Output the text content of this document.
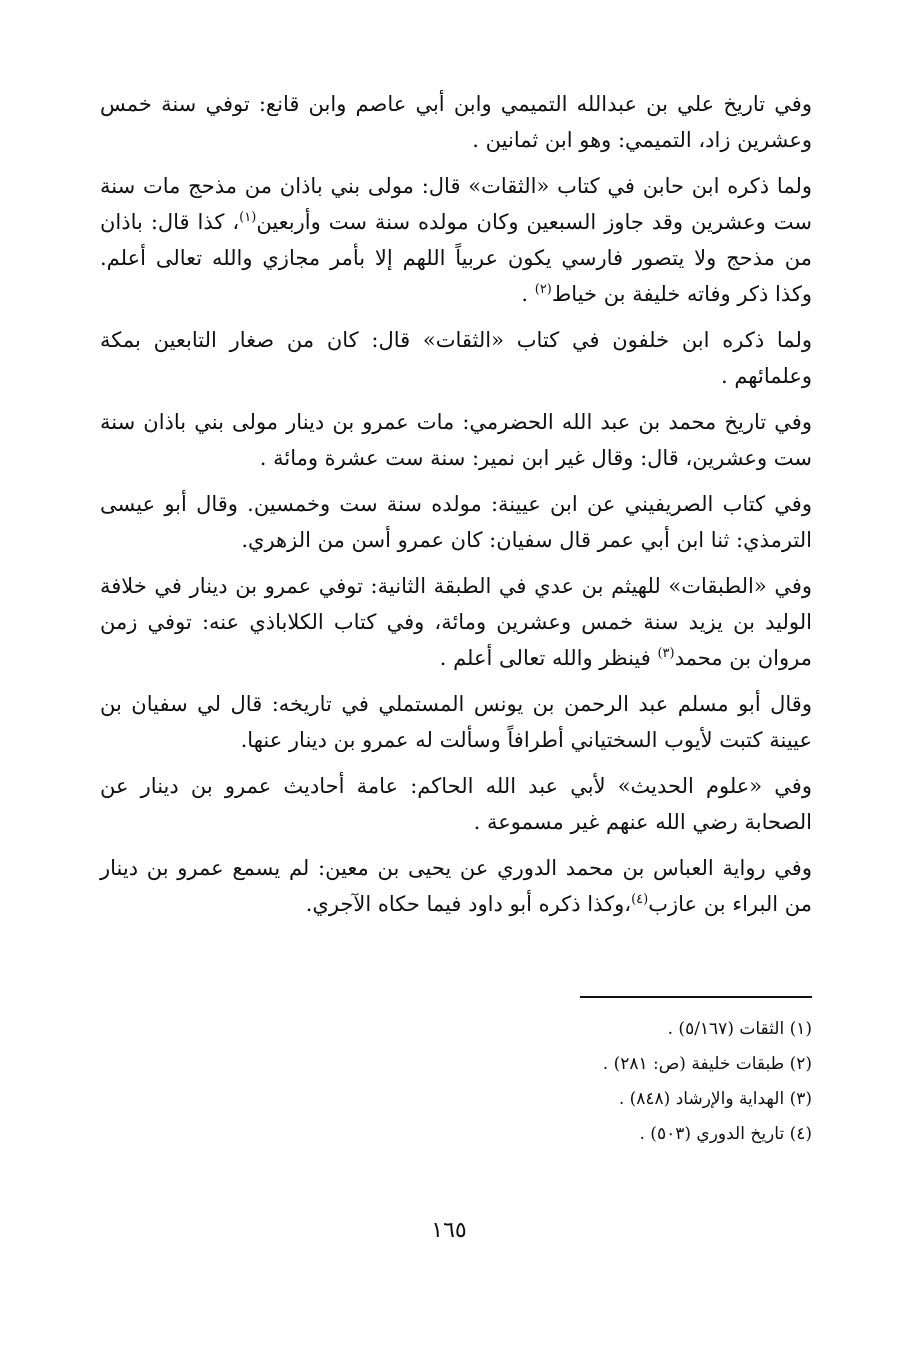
وفي تاريخ علي بن عبدالله التميمي وابن أبي عاصم وابن قانع: توفي سنة خمس وعشرين زاد، التميمي: وهو ابن ثمانين .

ولما ذكره ابن حابن في كتاب «الثقات» قال: مولى بني باذان من مذحج مات سنة ست وعشرين وقد جاوز السبعين وكان مولده سنة ست وأربعين$^{(١)}$، كذا قال: باذان من مذحج ولا يتصور فارسي يكون عربياً اللهم إلا بأمر مجازي والله تعالى أعلم. وكذا ذكر وفاته خليفة بن خياط$^{(٢)}$ .

ولما ذكره ابن خلفون في كتاب «الثقات» قال: كان من صغار التابعين بمكة وعلمائهم .

وفي تاريخ محمد بن عبد الله الحضرمي: مات عمرو بن دينار مولى بني باذان سنة ست وعشرين، قال: وقال غير ابن نمير: سنة ست عشرة ومائة .

وفي كتاب الصريفيني عن ابن عيينة: مولده سنة ست وخمسين. وقال أبو عيسى الترمذي: ثنا ابن أبي عمر قال سفيان: كان عمرو أسن من الزهري.

وفي «الطبقات» للهيثم بن عدي في الطبقة الثانية: توفي عمرو بن دينار في خلافة الوليد بن يزيد سنة خمس وعشرين ومائة، وفي كتاب الكلاباذي عنه: توفي زمن مروان بن محمد$^{(٣)}$ فينظر والله تعالى أعلم .

وقال أبو مسلم عبد الرحمن بن يونس المستملي في تاريخه: قال لي سفيان بن عيينة كتبت لأيوب السختياني أطرافاً وسألت له عمرو بن دينار عنها.

وفي «علوم الحديث» لأبي عبد الله الحاكم: عامة أحاديث عمرو بن دينار عن الصحابة رضي الله عنهم غير مسموعة .

وفي رواية العباس بن محمد الدوري عن يحيى بن معين: لم يسمع عمرو بن دينار من البراء بن عازب$^{(٤)}$،وكذا ذكره أبو داود فيما حكاه الآجري.

(١) الثقات (٥/١٦٧) .
(٢) طبقات خليفة (ص: ٢٨١) .
(٣) الهداية والإرشاد (٨٤٨) .
(٤) تاريخ الدوري (٥٠٣) .
١٦٥
